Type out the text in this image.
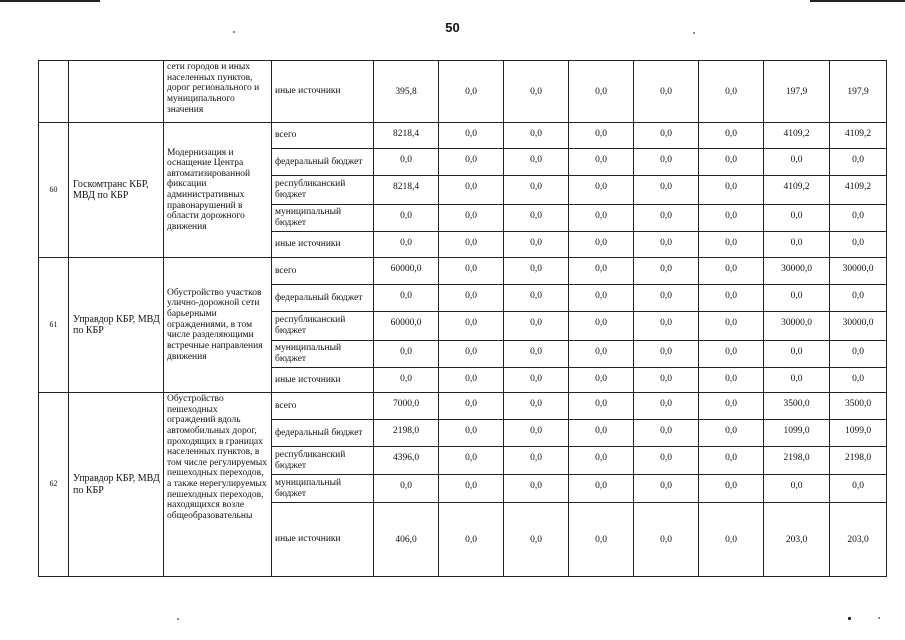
50
		сети городов и иных населенных пунктов, дорог регионального и муниципального значения	иные источники	395,8	0,0	0,0	0,0	0,0	0,0	197,9	197,9
60	Госкомтранс КБР, МВД по КБР	Модернизация и оснащение Центра автоматизированной фиксации административных правонарушений в области дорожного движения	всего	8218,4	0,0	0,0	0,0	0,0	0,0	4109,2	4109,2
			федеральный бюджет	0,0	0,0	0,0	0,0	0,0	0,0	0,0	0,0
			республиканский бюджет	8218,4	0,0	0,0	0,0	0,0	0,0	4109,2	4109,2
			муниципальный бюджет	0,0	0,0	0,0	0,0	0,0	0,0	0,0	0,0
			иные источники	0,0	0,0	0,0	0,0	0,0	0,0	0,0	0,0
61	Управдор КБР, МВД по КБР	Обустройство участков улично-дорожной сети барьерными ограждениями, в том числе разделяющими встречные направления движения	всего	60000,0	0,0	0,0	0,0	0,0	0,0	30000,0	30000,0
			федеральный бюджет	0,0	0,0	0,0	0,0	0,0	0,0	0,0	0,0
			республиканский бюджет	60000,0	0,0	0,0	0,0	0,0	0,0	30000,0	30000,0
			муниципальный бюджет	0,0	0,0	0,0	0,0	0,0	0,0	0,0	0,0
			иные источники	0,0	0,0	0,0	0,0	0,0	0,0	0,0	0,0
62	Управдор КБР, МВД по КБР	Обустройство пешеходных ограждений вдоль автомобильных дорог, проходящих в границах населенных пунктов, в том числе регулируемых пешеходных переходов, а также нерегулируемых пешеходных переходов, находящихся возле общеобразовательны	всего	7000,0	0,0	0,0	0,0	0,0	0,0	3500,0	3500,0
			федеральный бюджет	2198,0	0,0	0,0	0,0	0,0	0,0	1099,0	1099,0
			республиканский бюджет	4396,0	0,0	0,0	0,0	0,0	0,0	2198,0	2198,0
			муниципальный бюджет	0,0	0,0	0,0	0,0	0,0	0,0	0,0	0,0
			иные источники	406,0	0,0	0,0	0,0	0,0	0,0	203,0	203,0
